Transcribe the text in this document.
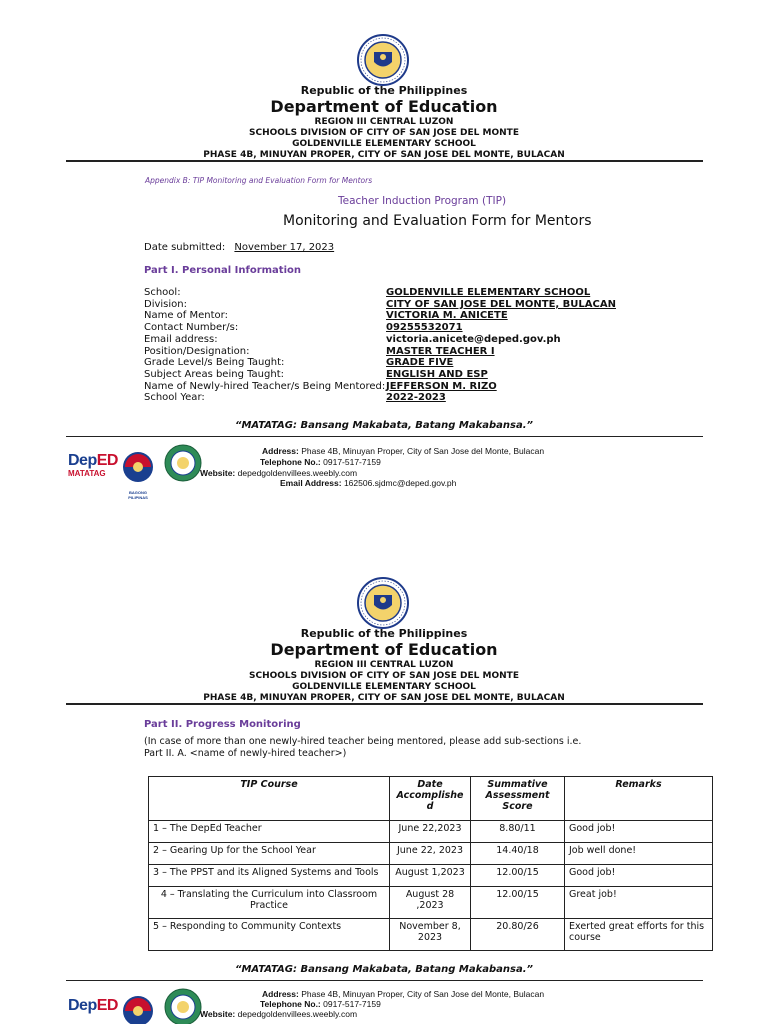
Republic of the Philippines
Department of Education
REGION III CENTRAL LUZON
SCHOOLS DIVISION OF CITY OF SAN JOSE DEL MONTE
GOLDENVILLE ELEMENTARY SCHOOL
PHASE 4B, MINUYAN PROPER, CITY OF SAN JOSE DEL MONTE, BULACAN
Appendix B: TIP Monitoring and Evaluation Form for Mentors
Teacher Induction Program (TIP)
Monitoring and Evaluation Form for Mentors
Date submitted: November 17, 2023
Part I. Personal Information
School:	GOLDENVILLE ELEMENTARY SCHOOL
Division:	CITY OF SAN JOSE DEL MONTE, BULACAN
Name of Mentor:	VICTORIA M. ANICETE
Contact Number/s:	09255532071
Email address:	victoria.anicete@deped.gov.ph
Position/Designation:	MASTER TEACHER I
Grade Level/s Being Taught:	GRADE FIVE
Subject Areas being Taught:	ENGLISH AND ESP
Name of Newly-hired Teacher/s Being Mentored: JEFFERSON M. RIZO
School Year:	2022-2023
“MATATAG: Bansang Makabata, Batang Makabansa.”
DepED
MATATAG
BAGONG PILIPINAS
Address: Phase 4B, Minuyan Proper, City of San Jose del Monte, Bulacan
Telephone No.: 0917-517-7159
Website: depedgoldenvillees.weebly.com
Email Address: 162506.sjdmc@deped.gov.ph
Republic of the Philippines
Department of Education
REGION III CENTRAL LUZON
SCHOOLS DIVISION OF CITY OF SAN JOSE DEL MONTE
GOLDENVILLE ELEMENTARY SCHOOL
PHASE 4B, MINUYAN PROPER, CITY OF SAN JOSE DEL MONTE, BULACAN
Part II. Progress Monitoring
(In case of more than one newly-hired teacher being mentored, please add sub-sections i.e.
Part II. A. <name of newly-hired teacher>)
TIP Course	Date Accomplishe d	Summative Assessment Score	Remarks
1 – The DepEd Teacher	June 22,2023	8.80/11	Good job!
2 – Gearing Up for the School Year	June 22, 2023	14.40/18	Job well done!
3 – The PPST and its Aligned Systems and Tools	August 1,2023	12.00/15	Good job!
4 – Translating the Curriculum into Classroom Practice	August 28 ,2023	12.00/15	Great job!
5 – Responding to Community Contexts	November 8, 2023	20.80/26	Exerted great efforts for this course
“MATATAG: Bansang Makabata, Batang Makabansa.”
DepED
Address: Phase 4B, Minuyan Proper, City of San Jose del Monte, Bulacan
Telephone No.: 0917-517-7159
Website: depedgoldenvillees.weebly.com
